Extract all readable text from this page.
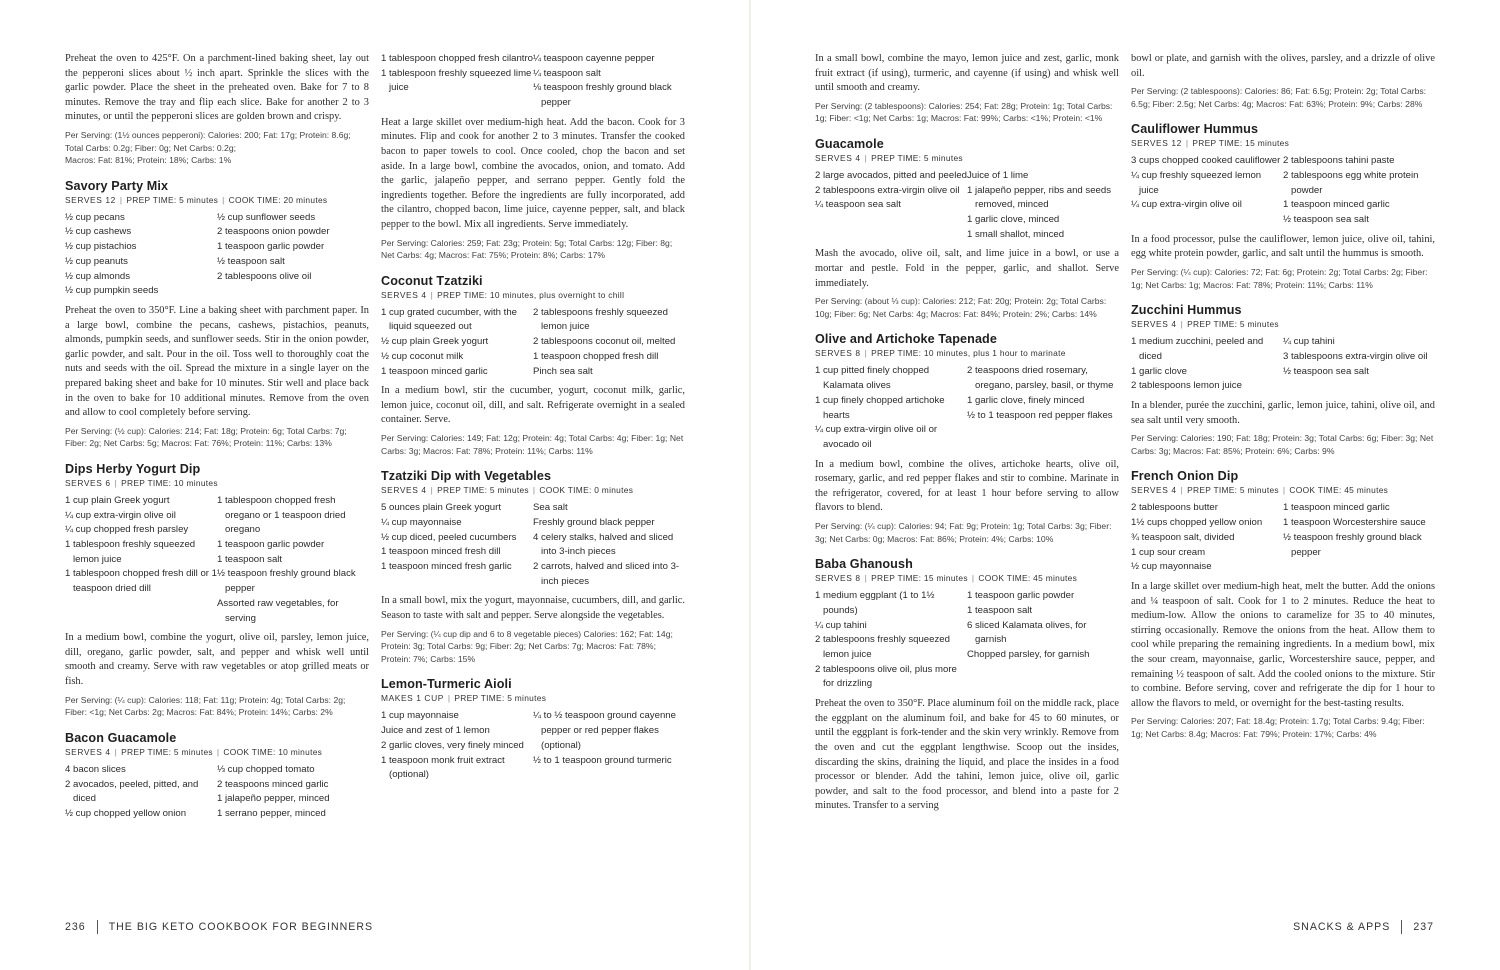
Preheat the oven to 425°F. On a parchment-lined baking sheet, lay out the pepperoni slices about ½ inch apart. Sprinkle the slices with the garlic powder. Place the sheet in the preheated oven. Bake for 7 to 8 minutes. Remove the tray and flip each slice. Bake for another 2 to 3 minutes, or until the pepperoni slices are golden brown and crispy.

Per Serving: (1½ ounces pepperoni): Calories: 200; Fat: 17g; Protein: 8.6g; Total Carbs: 0.2g; Fiber: 0g; Net Carbs: 0.2g;
Macros: Fat: 81%; Protein: 18%; Carbs: 1%

Savory Party Mix
SERVES 12 | PREP TIME: 5 minutes | COOK TIME: 20 minutes
½ cup pecans
½ cup cashews
½ cup pistachios
½ cup peanuts
½ cup almonds
½ cup pumpkin seeds
½ cup sunflower seeds
2 teaspoons onion powder
1 teaspoon garlic powder
½ teaspoon salt
2 tablespoons olive oil

Preheat the oven to 350°F. Line a baking sheet with parchment paper. In a large bowl, combine the pecans, cashews, pistachios, peanuts, almonds, pumpkin seeds, and sunflower seeds. Stir in the onion powder, garlic powder, and salt. Pour in the oil. Toss well to thoroughly coat the nuts and seeds with the oil. Spread the mixture in a single layer on the prepared baking sheet and bake for 10 minutes. Stir well and place back in the oven to bake for 10 additional minutes. Remove from the oven and allow to cool completely before serving.

Per Serving: (½ cup): Calories: 214; Fat: 18g; Protein: 6g; Total Carbs: 7g; Fiber: 2g; Net Carbs: 5g; Macros: Fat: 76%; Protein: 11%; Carbs: 13%

Dips Herby Yogurt Dip
SERVES 6 | PREP TIME: 10 minutes
1 cup plain Greek yogurt
¼ cup extra-virgin olive oil
¼ cup chopped fresh parsley
1 tablespoon freshly squeezed lemon juice
1 tablespoon chopped fresh dill or 1 teaspoon dried dill
1 tablespoon chopped fresh oregano or 1 teaspoon dried oregano
1 teaspoon garlic powder
1 teaspoon salt
½ teaspoon freshly ground black pepper
Assorted raw vegetables, for serving

In a medium bowl, combine the yogurt, olive oil, parsley, lemon juice, dill, oregano, garlic powder, salt, and pepper and whisk well until smooth and creamy. Serve with raw vegetables or atop grilled meats or fish.

Per Serving: (¼ cup): Calories: 118; Fat: 11g; Protein: 4g; Total Carbs: 2g; Fiber: <1g; Net Carbs: 2g; Macros: Fat: 84%; Protein: 14%; Carbs: 2%

Bacon Guacamole
SERVES 4 | PREP TIME: 5 minutes | COOK TIME: 10 minutes
4 bacon slices
2 avocados, peeled, pitted, and diced
½ cup chopped yellow onion
⅓ cup chopped tomato
2 teaspoons minced garlic
1 jalapeño pepper, minced
1 serrano pepper, minced
1 tablespoon chopped fresh cilantro
1 tablespoon freshly squeezed lime juice
¼ teaspoon cayenne pepper
¼ teaspoon salt
⅛ teaspoon freshly ground black pepper

Heat a large skillet over medium-high heat. Add the bacon. Cook for 3 minutes. Flip and cook for another 2 to 3 minutes. Transfer the cooked bacon to paper towels to cool. Once cooled, chop the bacon and set aside. In a large bowl, combine the avocados, onion, and tomato. Add the garlic, jalapeño pepper, and serrano pepper. Gently fold the ingredients together. Before the ingredients are fully incorporated, add the cilantro, chopped bacon, lime juice, cayenne pepper, salt, and black pepper to the bowl. Mix all ingredients. Serve immediately.

Per Serving: Calories: 259; Fat: 23g; Protein: 5g; Total Carbs: 12g; Fiber: 8g; Net Carbs: 4g; Macros: Fat: 75%; Protein: 8%; Carbs: 17%

Coconut Tzatziki
SERVES 4 | PREP TIME: 10 minutes, plus overnight to chill
1 cup grated cucumber, with the liquid squeezed out
½ cup plain Greek yogurt
½ cup coconut milk
1 teaspoon minced garlic
2 tablespoons freshly squeezed lemon juice
2 tablespoons coconut oil, melted
1 teaspoon chopped fresh dill
Pinch sea salt

In a medium bowl, stir the cucumber, yogurt, coconut milk, garlic, lemon juice, coconut oil, dill, and salt. Refrigerate overnight in a sealed container. Serve.

Per Serving: Calories: 149; Fat: 12g; Protein: 4g; Total Carbs: 4g; Fiber: 1g; Net Carbs: 3g; Macros: Fat: 78%; Protein: 11%; Carbs: 11%

Tzatziki Dip with Vegetables
SERVES 4 | PREP TIME: 5 minutes | COOK TIME: 0 minutes
5 ounces plain Greek yogurt
¼ cup mayonnaise
½ cup diced, peeled cucumbers
1 teaspoon minced fresh dill
1 teaspoon minced fresh garlic
Sea salt
Freshly ground black pepper
4 celery stalks, halved and sliced into 3-inch pieces
2 carrots, halved and sliced into 3-inch pieces

In a small bowl, mix the yogurt, mayonnaise, cucumbers, dill, and garlic. Season to taste with salt and pepper. Serve alongside the vegetables.

Per Serving: (¼ cup dip and 6 to 8 vegetable pieces) Calories: 162; Fat: 14g; Protein: 3g; Total Carbs: 9g; Fiber: 2g; Net Carbs: 7g; Macros: Fat: 78%; Protein: 7%; Carbs: 15%

Lemon-Turmeric Aioli
MAKES 1 CUP | PREP TIME: 5 minutes
1 cup mayonnaise
Juice and zest of 1 lemon
2 garlic cloves, very finely minced
1 teaspoon monk fruit extract (optional)
¼ to ½ teaspoon ground cayenne pepper or red pepper flakes (optional)
½ to 1 teaspoon ground turmeric

In a small bowl, combine the mayo, lemon juice and zest, garlic, monk fruit extract (if using), turmeric, and cayenne (if using) and whisk well until smooth and creamy.

Per Serving: (2 tablespoons): Calories: 254; Fat: 28g; Protein: 1g; Total Carbs: 1g; Fiber: <1g; Net Carbs: 1g; Macros: Fat: 99%; Carbs: <1%; Protein: <1%

Guacamole
SERVES 4 | PREP TIME: 5 minutes
2 large avocados, pitted and peeled
2 tablespoons extra-virgin olive oil
¼ teaspoon sea salt
Juice of 1 lime
1 jalapeño pepper, ribs and seeds removed, minced
1 garlic clove, minced
1 small shallot, minced

Mash the avocado, olive oil, salt, and lime juice in a bowl, or use a mortar and pestle. Fold in the pepper, garlic, and shallot. Serve immediately.

Per Serving: (about ⅓ cup): Calories: 212; Fat: 20g; Protein: 2g; Total Carbs: 10g; Fiber: 6g; Net Carbs: 4g; Macros: Fat: 84%; Protein: 2%; Carbs: 14%

Olive and Artichoke Tapenade
SERVES 8 | PREP TIME: 10 minutes, plus 1 hour to marinate
1 cup pitted finely chopped Kalamata olives
1 cup finely chopped artichoke hearts
¼ cup extra-virgin olive oil or avocado oil
2 teaspoons dried rosemary, oregano, parsley, basil, or thyme
1 garlic clove, finely minced
½ to 1 teaspoon red pepper flakes

In a medium bowl, combine the olives, artichoke hearts, olive oil, rosemary, garlic, and red pepper flakes and stir to combine. Marinate in the refrigerator, covered, for at least 1 hour before serving to allow flavors to blend.

Per Serving: (¼ cup): Calories: 94; Fat: 9g; Protein: 1g; Total Carbs: 3g; Fiber: 3g; Net Carbs: 0g; Macros: Fat: 86%; Protein: 4%; Carbs: 10%

Baba Ghanoush
SERVES 8 | PREP TIME: 15 minutes | COOK TIME: 45 minutes
1 medium eggplant (1 to 1½ pounds)
¼ cup tahini
2 tablespoons freshly squeezed lemon juice
2 tablespoons olive oil, plus more for drizzling
1 teaspoon garlic powder
1 teaspoon salt
6 sliced Kalamata olives, for garnish
Chopped parsley, for garnish

Preheat the oven to 350°F. Place aluminum foil on the middle rack, place the eggplant on the aluminum foil, and bake for 45 to 60 minutes, or until the eggplant is fork-tender and the skin very wrinkly. Remove from the oven and cut the eggplant lengthwise. Scoop out the insides, discarding the skins, draining the liquid, and place the insides in a food processor or blender. Add the tahini, lemon juice, olive oil, garlic powder, and salt to the food processor, and blend into a paste for 2 minutes. Transfer to a serving

bowl or plate, and garnish with the olives, parsley, and a drizzle of olive oil.

Per Serving: (2 tablespoons): Calories: 86; Fat: 6.5g; Protein: 2g; Total Carbs: 6.5g; Fiber: 2.5g; Net Carbs: 4g; Macros: Fat: 63%; Protein: 9%; Carbs: 28%

Cauliflower Hummus
SERVES 12 | PREP TIME: 15 minutes
3 cups chopped cooked cauliflower
¼ cup freshly squeezed lemon juice
¼ cup extra-virgin olive oil
2 tablespoons tahini paste
2 tablespoons egg white protein powder
1 teaspoon minced garlic
½ teaspoon sea salt

In a food processor, pulse the cauliflower, lemon juice, olive oil, tahini, egg white protein powder, garlic, and salt until the hummus is smooth.

Per Serving: (¼ cup): Calories: 72; Fat: 6g; Protein: 2g; Total Carbs: 2g; Fiber: 1g; Net Carbs: 1g; Macros: Fat: 78%; Protein: 11%; Carbs: 11%

Zucchini Hummus
SERVES 4 | PREP TIME: 5 minutes
1 medium zucchini, peeled and diced
1 garlic clove
2 tablespoons lemon juice
¼ cup tahini
3 tablespoons extra-virgin olive oil
½ teaspoon sea salt

In a blender, purée the zucchini, garlic, lemon juice, tahini, olive oil, and sea salt until very smooth.

Per Serving: Calories: 190; Fat: 18g; Protein: 3g; Total Carbs: 6g; Fiber: 3g; Net Carbs: 3g; Macros: Fat: 85%; Protein: 6%; Carbs: 9%

French Onion Dip
SERVES 4 | PREP TIME: 5 minutes | COOK TIME: 45 minutes
2 tablespoons butter
1½ cups chopped yellow onion
¾ teaspoon salt, divided
1 cup sour cream
½ cup mayonnaise
1 teaspoon minced garlic
1 teaspoon Worcestershire sauce
½ teaspoon freshly ground black pepper

In a large skillet over medium-high heat, melt the butter. Add the onions and ¼ teaspoon of salt. Cook for 1 to 2 minutes. Reduce the heat to medium-low. Allow the onions to caramelize for 35 to 40 minutes, stirring occasionally. Remove the onions from the heat. Allow them to cool while preparing the remaining ingredients. In a medium bowl, mix the sour cream, mayonnaise, garlic, Worcestershire sauce, pepper, and remaining ½ teaspoon of salt. Add the cooled onions to the mixture. Stir to combine. Before serving, cover and refrigerate the dip for 1 hour to allow the flavors to meld, or overnight for the best-tasting results.

Per Serving: Calories: 207; Fat: 18.4g; Protein: 1.7g; Total Carbs: 9.4g; Fiber: 1g; Net Carbs: 8.4g; Macros: Fat: 79%; Protein: 17%; Carbs: 4%

236 THE BIG KETO COOKBOOK FOR BEGINNERS	SNACKS & APPS 237
